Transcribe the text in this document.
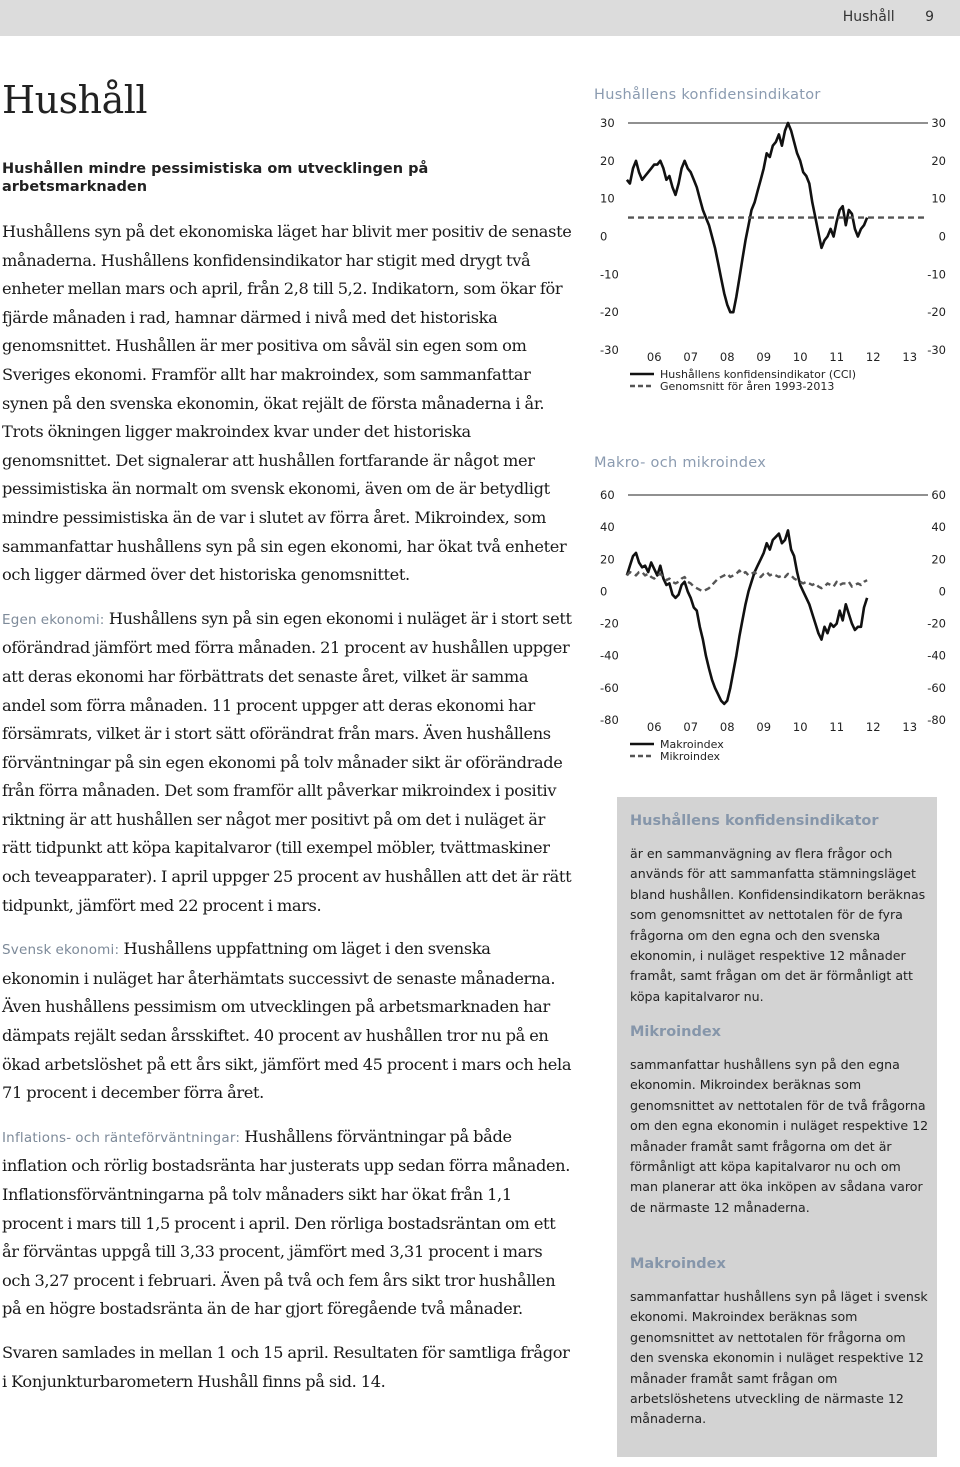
Hushåll 9
Hushåll
Hushållen mindre pessimistiska om utvecklingen på arbetsmarknaden

Hushållens syn på det ekonomiska läget har blivit mer positiv de senaste månaderna. Hushållens konfidensindikator har stigit med drygt två enheter mellan mars och april, från 2,8 till 5,2. Indikatorn, som ökar för fjärde månaden i rad, hamnar därmed i nivå med det historiska genomsnittet. Hushållen är mer positiva om såväl sin egen som om Sveriges ekonomi. Framför allt har makroindex, som sammanfattar synen på den svenska ekonomin, ökat rejält de första månaderna i år. Trots ökningen ligger makroindex kvar under det historiska genomsnittet. Det signalerar att hushållen fortfarande är något mer pessimistiska än normalt om svensk ekonomi, även om de är betydligt mindre pessimistiska än de var i slutet av förra året. Mikroindex, som sammanfattar hushållens syn på sin egen ekonomi, har ökat två enheter och ligger därmed över det historiska genomsnittet.

Egen ekonomi: Hushållens syn på sin egen ekonomi i nuläget är i stort sett oförändrad jämfört med förra månaden. 21 procent av hushållen uppger att deras ekonomi har förbättrats det senaste året, vilket är samma andel som förra månaden. 11 procent uppger att deras ekonomi har försämrats, vilket är i stort sätt oförändrat från mars. Även hushållens förväntningar på sin egen ekonomi på tolv månader sikt är oförändrade från förra månaden. Det som framför allt påverkar mikroindex i positiv riktning är att hushållen ser något mer positivt på om det i nuläget är rätt tidpunkt att köpa kapitalvaror (till exempel möbler, tvättmaskiner och teveapparater). I april uppger 25 procent av hushållen att det är rätt tidpunkt, jämfört med 22 procent i mars.

Svensk ekonomi: Hushållens uppfattning om läget i den svenska ekonomin i nuläget har återhämtats successivt de senaste månaderna. Även hushållens pessimism om utvecklingen på arbetsmarknaden har dämpats rejält sedan årsskiftet. 40 procent av hushållen tror nu på en ökad arbetslöshet på ett års sikt, jämfört med 45 procent i mars och hela 71 procent i december förra året.

Inflations- och ränteförväntningar: Hushållens förväntningar på både inflation och rörlig bostadsränta har justerats upp sedan förra månaden. Inflationsförväntningarna på tolv månaders sikt har ökat från 1,1 procent i mars till 1,5 procent i april. Den rörliga bostadsräntan om ett år förväntas uppgå till 3,33 procent, jämfört med 3,31 procent i mars och 3,27 procent i februari. Även på två och fem års sikt tror hushållen på en högre bostadsränta än de har gjort föregående två månader.

Svaren samlades in mellan 1 och 15 april. Resultaten för samtliga frågor i Konjunkturbarometern Hushåll finns på sid. 14.

Hushållens konfidensindikator
-30	-30
-20	-20
-10	-10
0	0
10	10
20	20
30	30
06 07 08 09 10 11 12 13
Hushållens konfidensindikator (CCI)
Genomsnitt för åren 1993-2013
Makro- och mikroindex
-80	-80
-60	-60
-40	-40
-20	-20
0	0
20	20
40	40
60	60
06 07 08 09 10 11 12 13
Makroindex
Mikroindex
Hushållens konfidensindikator

är en sammanvägning av flera frågor och används för att sammanfatta stämningsläget bland hushållen. Konfidensindikatorn beräknas som genomsnittet av nettotalen för de fyra frågorna om den egna och den svenska ekonomin, i nuläget respektive 12 månader framåt, samt frågan om det är förmånligt att köpa kapitalvaror nu.

Mikroindex

sammanfattar hushållens syn på den egna ekonomin. Mikroindex beräknas som genomsnittet av nettotalen för de två frågorna om den egna ekonomin i nuläget respektive 12 månader framåt samt frågorna om det är förmånligt att köpa kapitalvaror nu och om man planerar att öka inköpen av sådana varor de närmaste 12 månaderna.

Makroindex

sammanfattar hushållens syn på läget i svensk ekonomi. Makroindex beräknas som genomsnittet av nettotalen för frågorna om den svenska ekonomin i nuläget respektive 12 månader framåt samt frågan om arbetslöshetens utveckling de närmaste 12 månaderna.
